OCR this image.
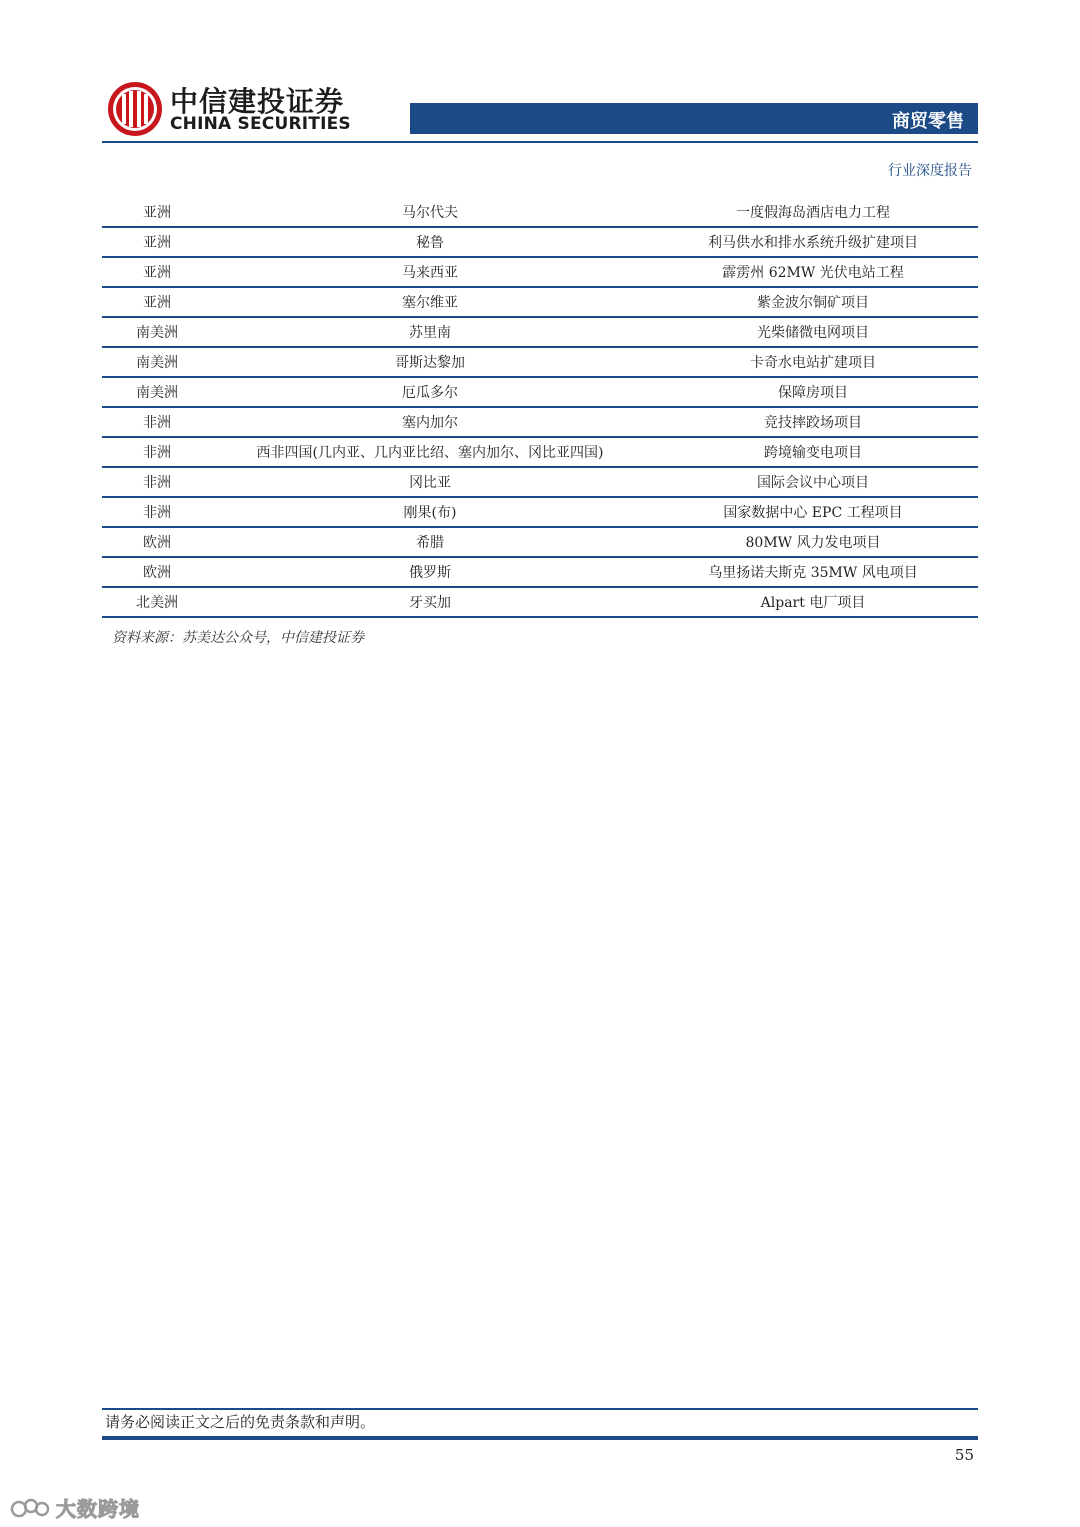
中信建投证券
CHINA SECURITIES	商贸零售
行业深度报告
亚洲	马尔代夫	一度假海岛酒店电力工程
亚洲	秘鲁	利马供水和排水系统升级扩建项目
亚洲	马来西亚	霹雳州 62MW 光伏电站工程
亚洲	塞尔维亚	紫金波尔铜矿项目
南美洲	苏里南	光柴储微电网项目
南美洲	哥斯达黎加	卡奇水电站扩建项目
南美洲	厄瓜多尔	保障房项目
非洲	塞内加尔	竞技摔跤场项目
非洲	西非四国(几内亚、几内亚比绍、塞内加尔、冈比亚四国)	跨境输变电项目
非洲	冈比亚	国际会议中心项目
非洲	刚果(布)	国家数据中心 EPC 工程项目
欧洲	希腊	80MW 风力发电项目
欧洲	俄罗斯	乌里扬诺夫斯克 35MW 风电项目
北美洲	牙买加	Alpart 电厂项目
资料来源：苏美达公众号，中信建投证券
请务必阅读正文之后的免责条款和声明。
55
大数跨境
